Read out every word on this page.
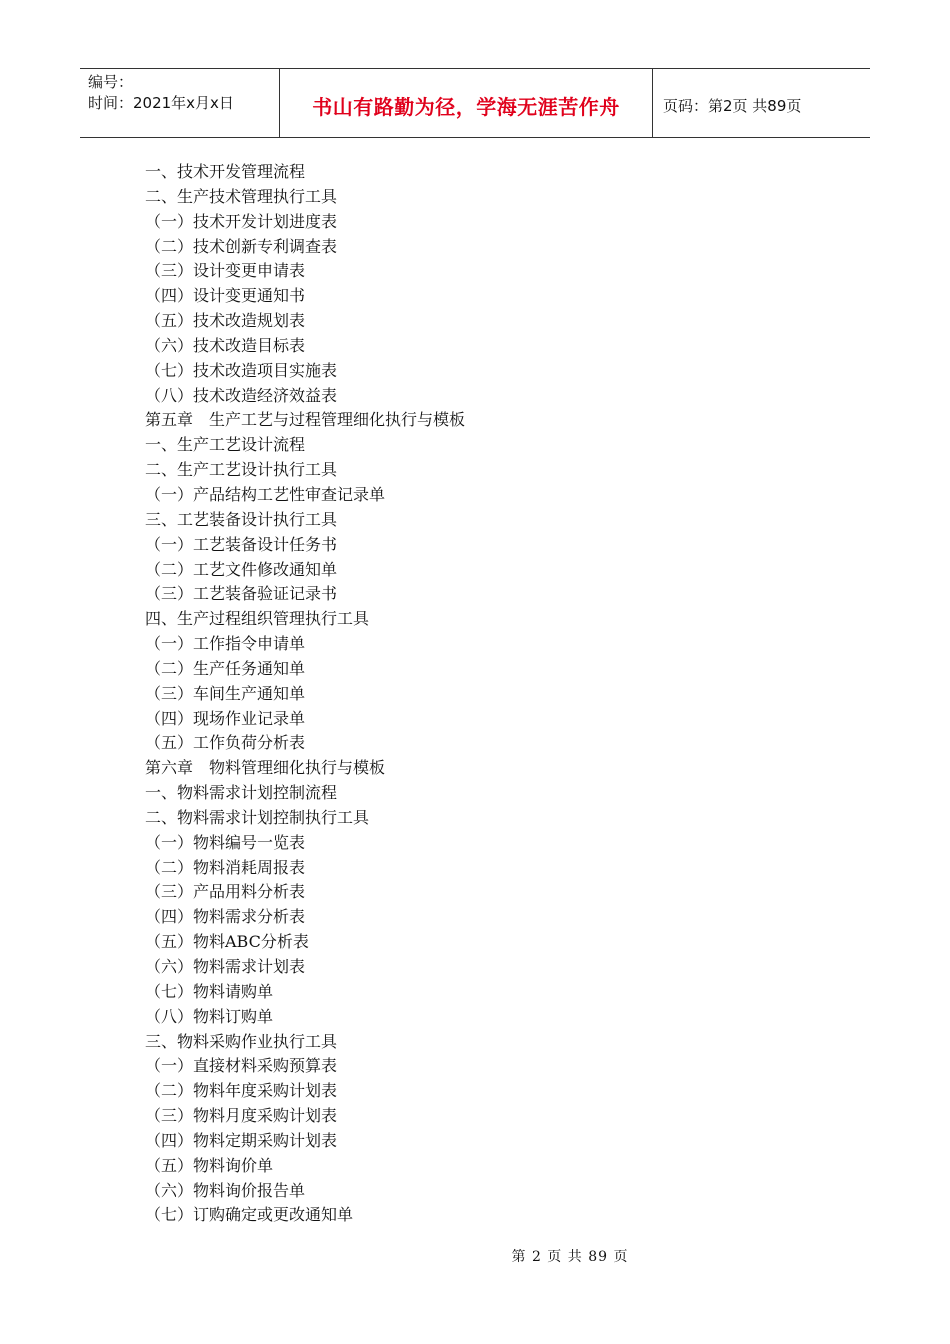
编号：
时间：2021年x月x日	书山有路勤为径，学海无涯苦作舟	页码：第2页 共89页
一、技术开发管理流程
二、生产技术管理执行工具
（一）技术开发计划进度表
（二）技术创新专利调查表
（三）设计变更申请表
（四）设计变更通知书
（五）技术改造规划表
（六）技术改造目标表
（七）技术改造项目实施表
（八）技术改造经济效益表
第五章　生产工艺与过程管理细化执行与模板
一、生产工艺设计流程
二、生产工艺设计执行工具
（一）产品结构工艺性审查记录单
三、工艺装备设计执行工具
（一）工艺装备设计任务书
（二）工艺文件修改通知单
（三）工艺装备验证记录书
四、生产过程组织管理执行工具
（一）工作指令申请单
（二）生产任务通知单
（三）车间生产通知单
（四）现场作业记录单
（五）工作负荷分析表
第六章　物料管理细化执行与模板
一、物料需求计划控制流程
二、物料需求计划控制执行工具
（一）物料编号一览表
（二）物料消耗周报表
（三）产品用料分析表
（四）物料需求分析表
（五）物料ABC分析表
（六）物料需求计划表
（七）物料请购单
（八）物料订购单
三、物料采购作业执行工具
（一）直接材料采购预算表
（二）物料年度采购计划表
（三）物料月度采购计划表
（四）物料定期采购计划表
（五）物料询价单
（六）物料询价报告单
（七）订购确定或更改通知单
第 2 页 共 89 页
